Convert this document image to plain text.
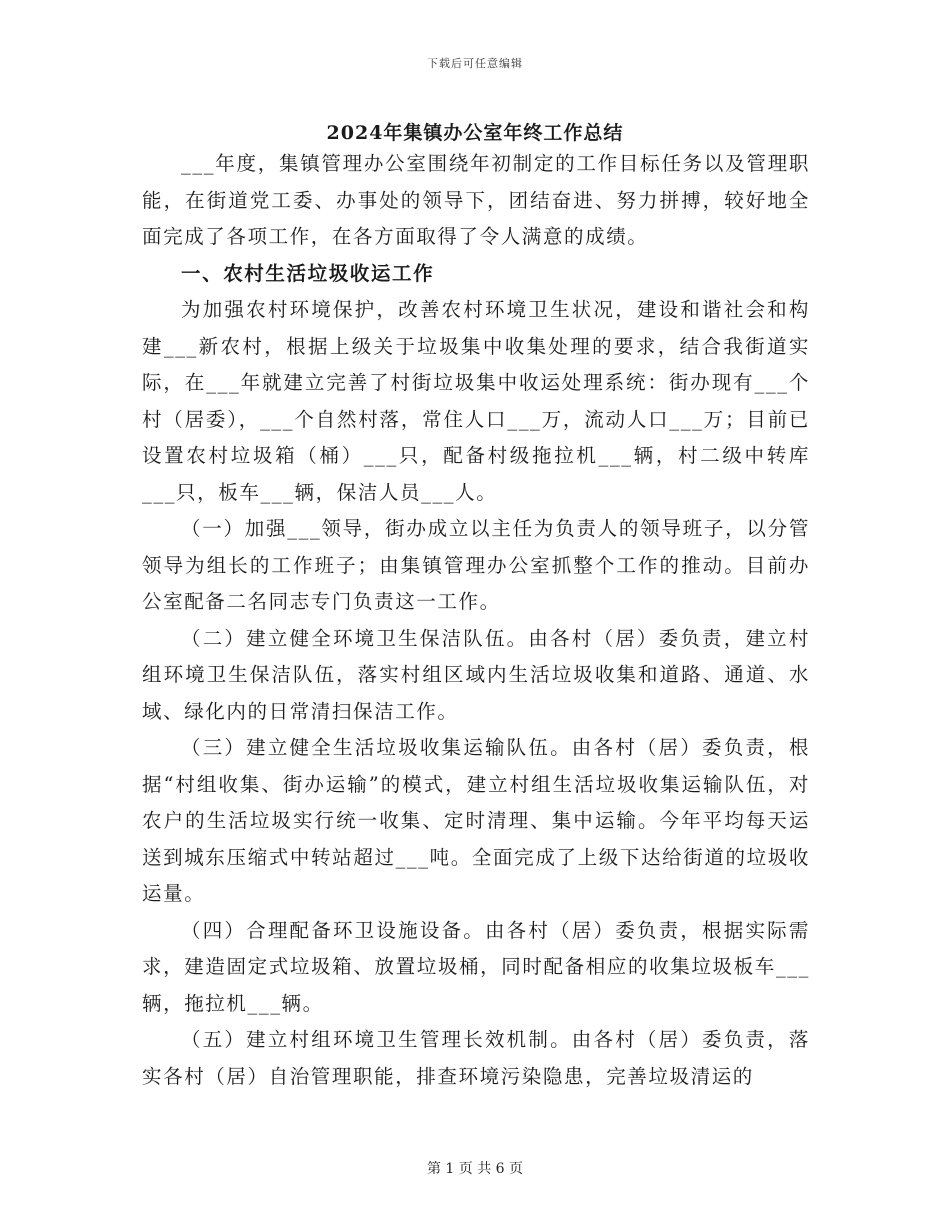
下载后可任意编辑
2024年集镇办公室年终工作总结

___年度，集镇管理办公室围绕年初制定的工作目标任务以及管理职能，在街道党工委、办事处的领导下，团结奋进、努力拼搏，较好地全面完成了各项工作，在各方面取得了令人满意的成绩。

一、农村生活垃圾收运工作

为加强农村环境保护，改善农村环境卫生状况，建设和谐社会和构建___新农村，根据上级关于垃圾集中收集处理的要求，结合我街道实际，在___年就建立完善了村街垃圾集中收运处理系统：街办现有___个村（居委），___个自然村落，常住人口___万，流动人口___万；目前已设置农村垃圾箱（桶）___只，配备村级拖拉机___辆，村二级中转库___只，板车___辆，保洁人员___人。

（一）加强___领导，街办成立以主任为负责人的领导班子，以分管领导为组长的工作班子；由集镇管理办公室抓整个工作的推动。目前办公室配备二名同志专门负责这一工作。

（二）建立健全环境卫生保洁队伍。由各村（居）委负责，建立村组环境卫生保洁队伍，落实村组区域内生活垃圾收集和道路、通道、水域、绿化内的日常清扫保洁工作。

（三）建立健全生活垃圾收集运输队伍。由各村（居）委负责，根据“村组收集、街办运输”的模式，建立村组生活垃圾收集运输队伍，对农户的生活垃圾实行统一收集、定时清理、集中运输。今年平均每天运送到城东压缩式中转站超过___吨。全面完成了上级下达给街道的垃圾收运量。

（四）合理配备环卫设施设备。由各村（居）委负责，根据实际需求，建造固定式垃圾箱、放置垃圾桶，同时配备相应的收集垃圾板车___辆，拖拉机___辆。

（五）建立村组环境卫生管理长效机制。由各村（居）委负责，落实各村（居）自治管理职能，排查环境污染隐患，完善垃圾清运的

第 1 页 共 6 页
